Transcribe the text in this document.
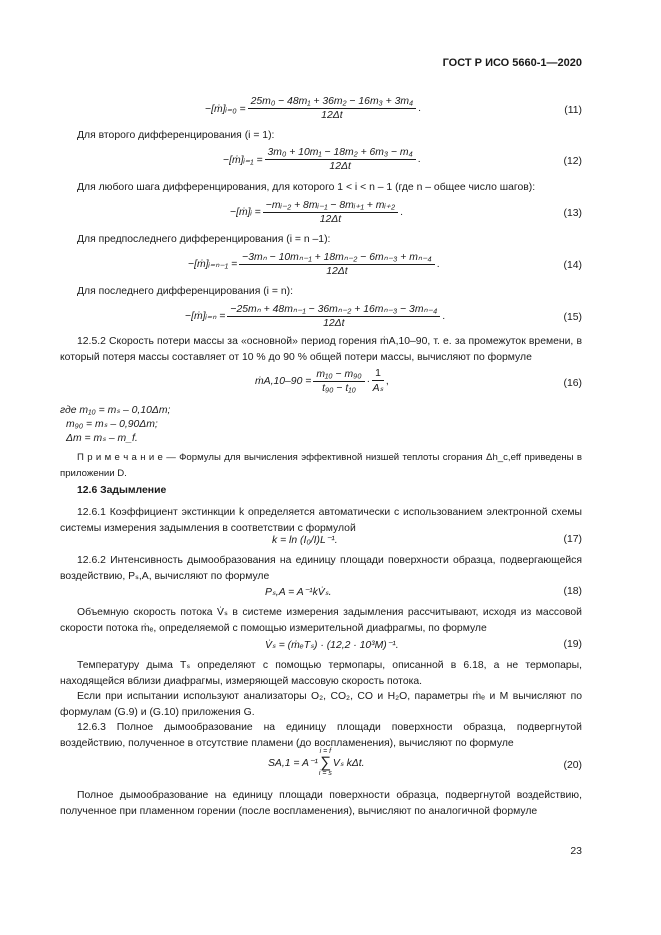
ГОСТ Р ИСО 5660-1—2020
−[ṁ]ᵢ₌₀ = $\frac{\text{25m₀ − 48m₁ + 36m₂ − 16m₃ + 3m₄}}{12\Delta t}$ .	(11)
Для второго дифференцирования (i = 1):
−[ṁ]ᵢ₌₁ = $\frac{\text{3m₀ + 10m₁ − 18m₂ + 6m₃ − m₄}}{12\Delta t}$ .	(12)
Для любого шага дифференцирования, для которого 1 < i < n – 1 (где n – общее число шагов):
−[ṁ]ᵢ = $\frac{\text{−mᵢ₋₂ + 8mᵢ₋₁ − 8mᵢ₊₁ + mᵢ₊₂}}{12\Delta t}$ .	(13)
Для предпоследнего дифференцирования (i = n –1):
−[ṁ]ᵢ₌ₙ₋₁ = $\frac{\text{−3mₙ − 10mₙ₋₁ + 18mₙ₋₂ − 6mₙ₋₃ + mₙ₋₄}}{12\Delta t}$ .	(14)
Для последнего дифференцирования (i = n):
−[ṁ]ᵢ₌ₙ = $\frac{\text{−25mₙ + 48mₙ₋₁ − 36mₙ₋₂ + 16mₙ₋₃ − 3mₙ₋₄}}{12\Delta t}$ .	(15)
12.5.2 Скорость потери массы за «основной» период горения ṁA,10–90, т. е. за промежуток времени, в который потеря массы составляет от 10 % до 90 % общей потери массы, вычисляют по формуле
ṁA,10–90 = $\frac{\text{m₁₀ − m₉₀}}{\text{t₉₀ − t₁₀}} \cdot \frac{1}{\text{Aₛ}}$ ,	(16)
где m₁₀ = mₛ – 0,10Δm;
m₉₀ = mₛ – 0,90Δm;
Δm = mₛ – m_f.
П р и м е ч а н и е — Формулы для вычисления эффективной низшей теплоты сгорания Δh_c,eff приведены в приложении D.
12.6 Задымление
12.6.1 Коэффициент экстинкции k определяется автоматически с использованием электронной схемы системы измерения задымления в соответствии с формулой
k = ln (I₀/I)L⁻¹.	(17)
12.6.2 Интенсивность дымообразования на единицу площади поверхности образца, подвергающейся воздействию, Pₛ,A, вычисляют по формуле
Pₛ,A = A⁻¹kV̇ₛ.	(18)
Объемную скорость потока V̇ₛ в системе измерения задымления рассчитывают, исходя из массовой скорости потока ṁₑ, определяемой с помощью измерительной диафрагмы, по формуле
V̇ₛ = (ṁₑTₛ) · (12,2 · 10³M)⁻¹.	(19)
Температуру дыма Tₛ определяют с помощью термопары, описанной в 6.18, а не термопары, находящейся вблизи диафрагмы, измеряющей массовую скорость потока.
Если при испытании используют анализаторы O₂, CO₂, CO и H₂O, параметры ṁₑ и M вычисляют по формулам (G.9) и (G.10) приложения G.
12.6.3 Полное дымообразование на единицу площади поверхности образца, подвергнутой воздействию, полученное в отсутствие пламени (до воспламенения), вычисляют по формуле
SA,1 = A⁻¹
i = f
∑
i = s
Vₛ kΔt.	(20)
Полное дымообразование на единицу площади поверхности образца, подвергнутой воздействию, полученное при пламенном горении (после воспламенения), вычисляют по аналогичной формуле
23
